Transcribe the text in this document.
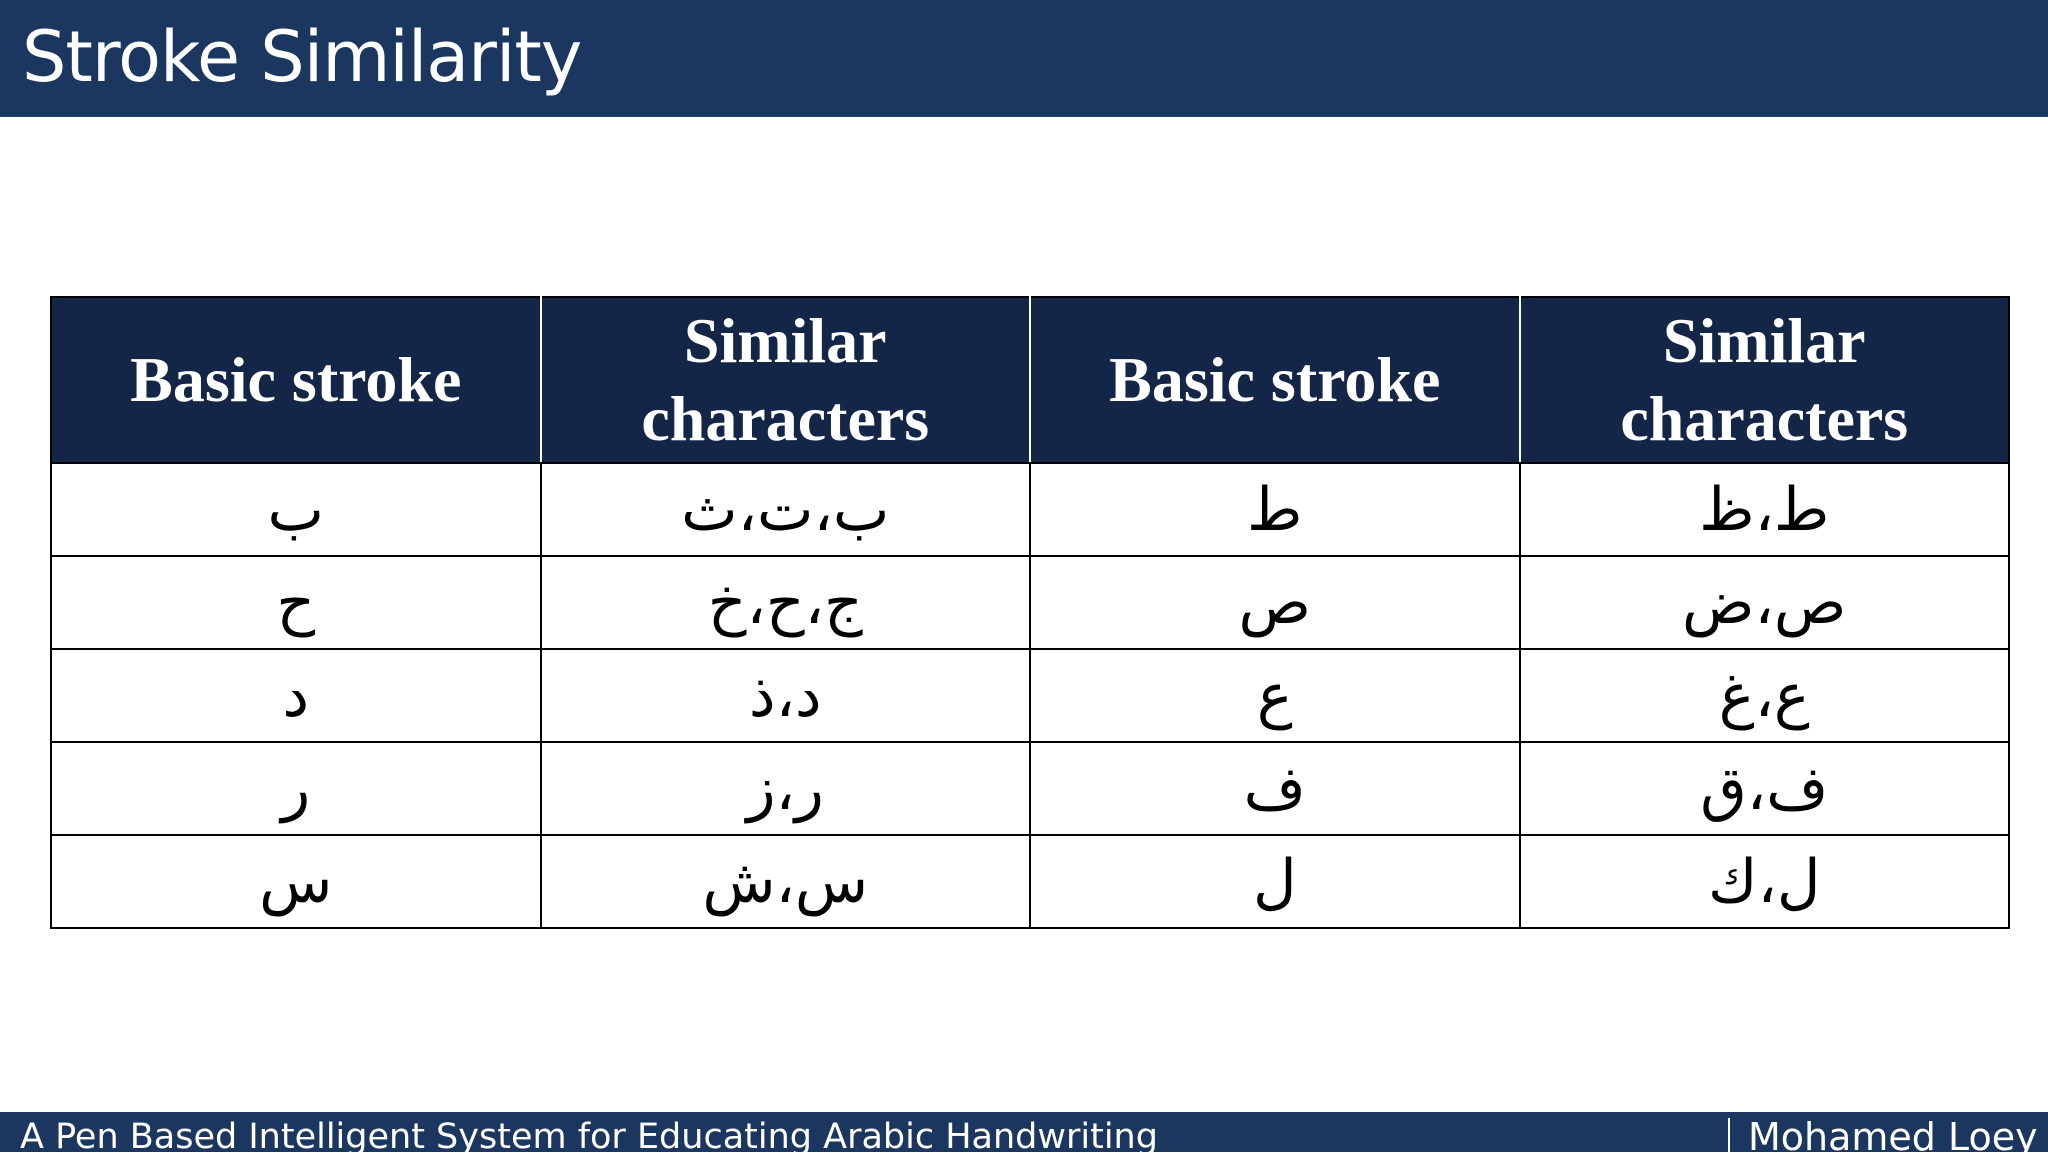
Stroke Similarity
Basic stroke	Similar characters	Basic stroke	Similar characters
ب	ب،ت،ث	ط	ط،ظ
ح	ج،ح،خ	ص	ص،ض
د	د،ذ	ع	ع،غ
ر	ر،ز	ف	ف،ق
س	س،ش	ل	ل،ك
A Pen Based Intelligent System for Educating Arabic Handwriting	Mohamed Loey
